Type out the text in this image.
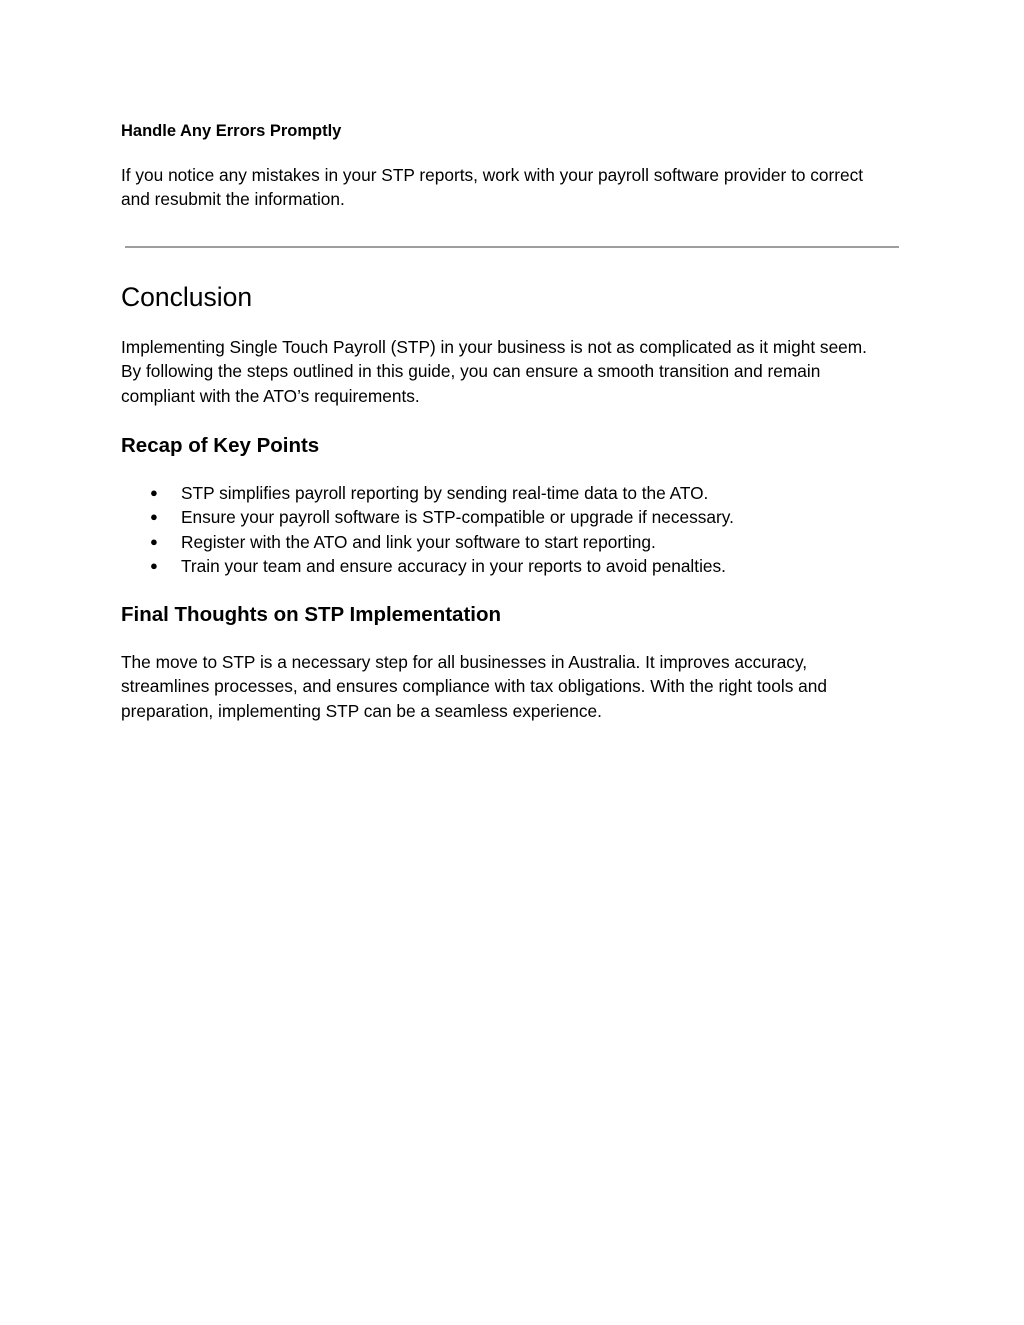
Handle Any Errors Promptly

If you notice any mistakes in your STP reports, work with your payroll software provider to correct and resubmit the information.

Conclusion

Implementing Single Touch Payroll (STP) in your business is not as complicated as it might seem. By following the steps outlined in this guide, you can ensure a smooth transition and remain compliant with the ATO’s requirements.

Recap of Key Points
● STP simplifies payroll reporting by sending real-time data to the ATO.
● Ensure your payroll software is STP-compatible or upgrade if necessary.
● Register with the ATO and link your software to start reporting.
● Train your team and ensure accuracy in your reports to avoid penalties.
Final Thoughts on STP Implementation

The move to STP is a necessary step for all businesses in Australia. It improves accuracy, streamlines processes, and ensures compliance with tax obligations. With the right tools and preparation, implementing STP can be a seamless experience.
